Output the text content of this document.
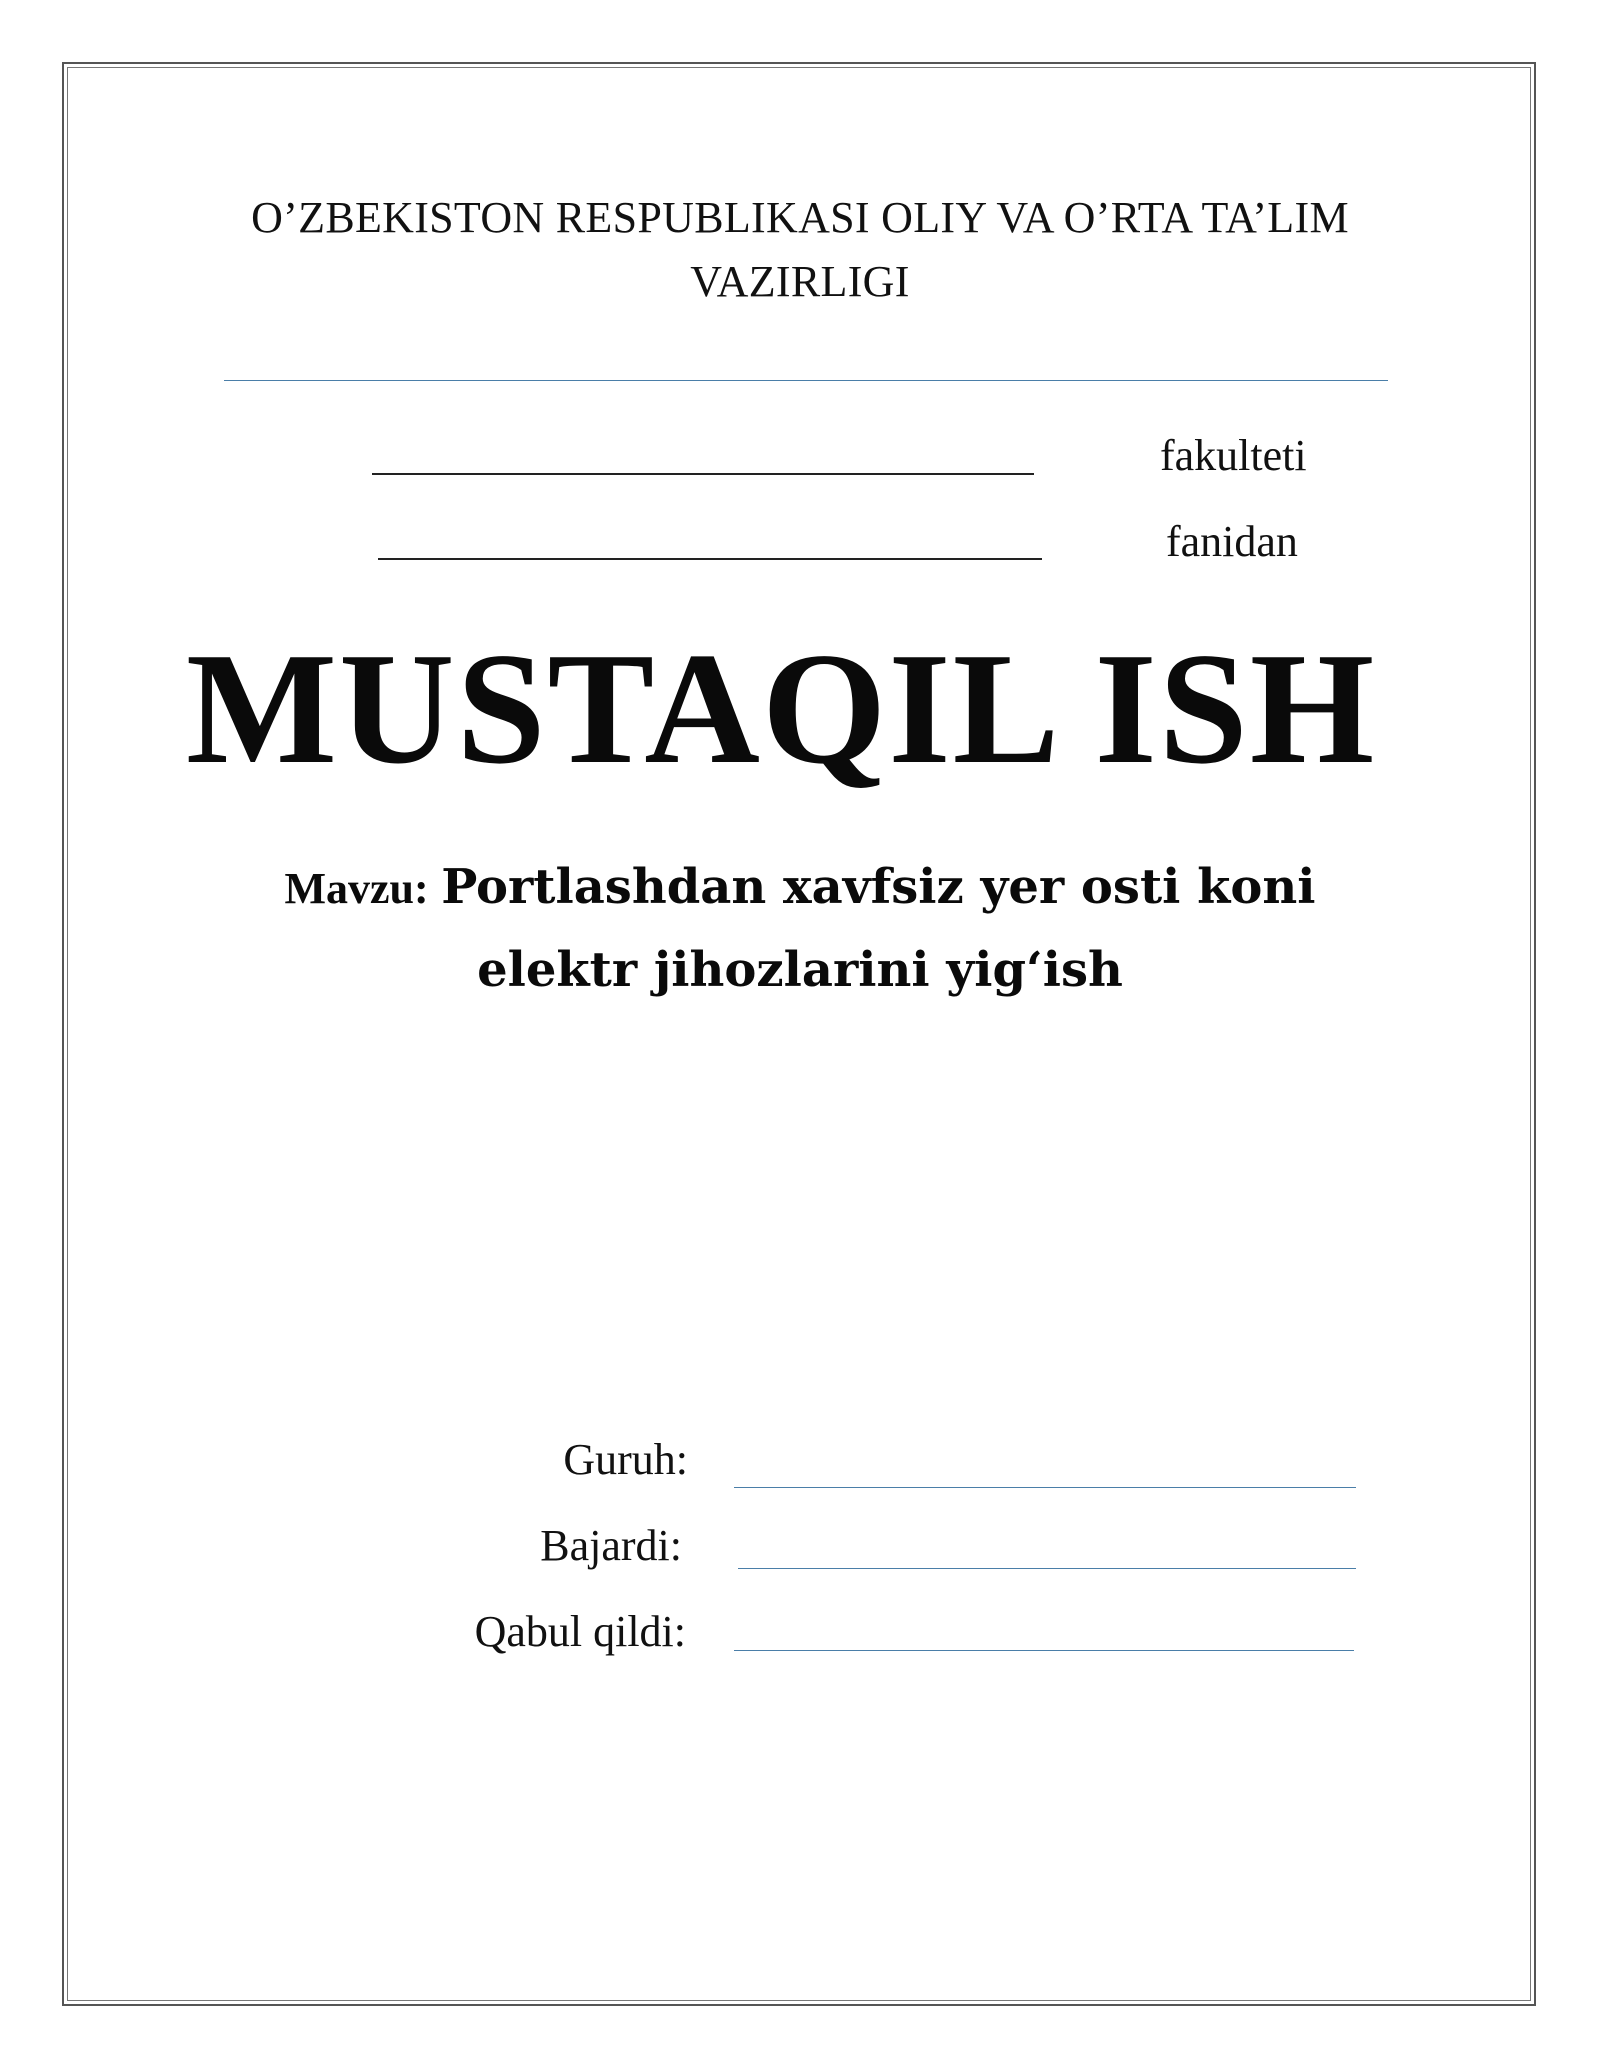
O’ZBEKISTON RESPUBLIKASI OLIY VA O’RTA TA’LIM
VAZIRLIGI
fakulteti
fanidan
MUSTAQIL ISH
Mavzu: Portlashdan xavfsiz yer osti koni
elektr jihozlarini yig‘ish
Guruh:
Bajardi:
Qabul qildi:
